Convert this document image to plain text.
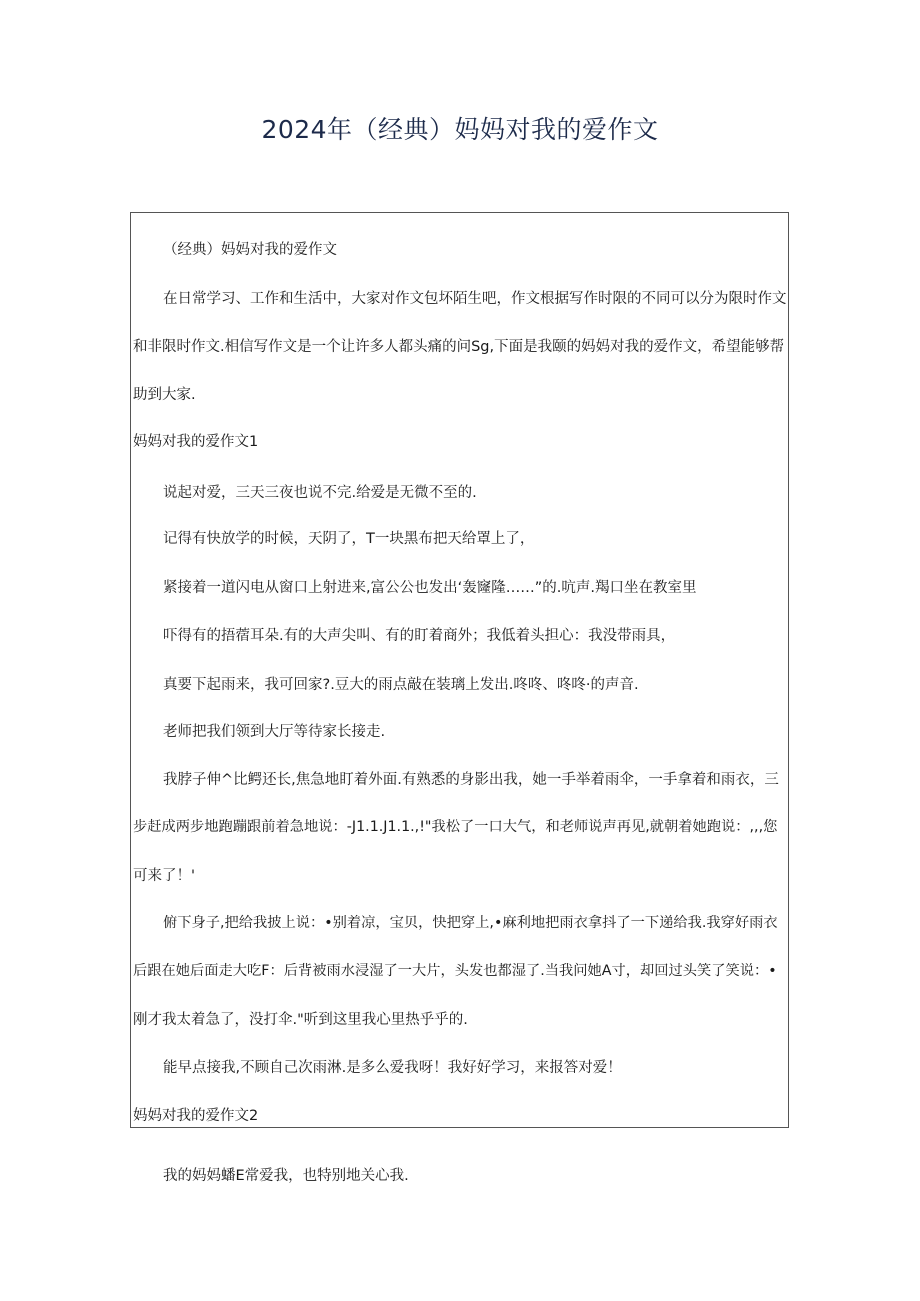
2024年（经典）妈妈对我的爱作文
（经典）妈妈对我的爱作文
在日常学习、工作和生活中，大家对作文包坏陌生吧，作文根据写作时限的不同可以分为限时作文
和非限时作文.相信写作文是一个让许多人都头痛的问Sg,下面是我颐的妈妈对我的爱作文，希望能够帮
助到大家.
妈妈对我的爱作文1
说起对爱，三天三夜也说不完.给爱是无微不至的.
记得有快放学的时候，天阴了，T一块黑布把天给罩上了，
紧接着一道闪电从窗口上射进来,富公公也发出‘轰窿隆……”的.吭声.羯口坐在教室里
吓得有的捂蓿耳朵.有的大声尖叫、有的盯着商外；我低着头担心：我没带雨具，
真要下起雨来，我可回家?.豆大的雨点敲在装璃上发出.咚咚、咚咚·的声音.
老师把我们领到大厅等待家长接走.
我脖子伸^比鳄还长,焦急地盯着外面.有熟悉的身影出我，她一手举着雨伞，一手拿着和雨衣，三
步赶成两步地跑蹦跟前着急地说：-J1.1.J1.1.,!"我松了一口大气，和老师说声再见,就朝着她跑说：,,,您
可来了！'
俯下身子,把给我披上说：•别着凉，宝贝，快把穿上,•麻利地把雨衣拿抖了一下递给我.我穿好雨衣
后跟在她后面走大吃F：后背被雨水浸湿了一大片，头发也都湿了.当我问她A寸，却回过头笑了笑说：•
刚才我太着急了，没打伞."听到这里我心里热乎乎的.
能早点接我,不顾自己次雨淋.是多么爱我呀！我好好学习，来报答对爱！
妈妈对我的爱作文2
我的妈妈蟠E常爱我，也特别地关心我.
